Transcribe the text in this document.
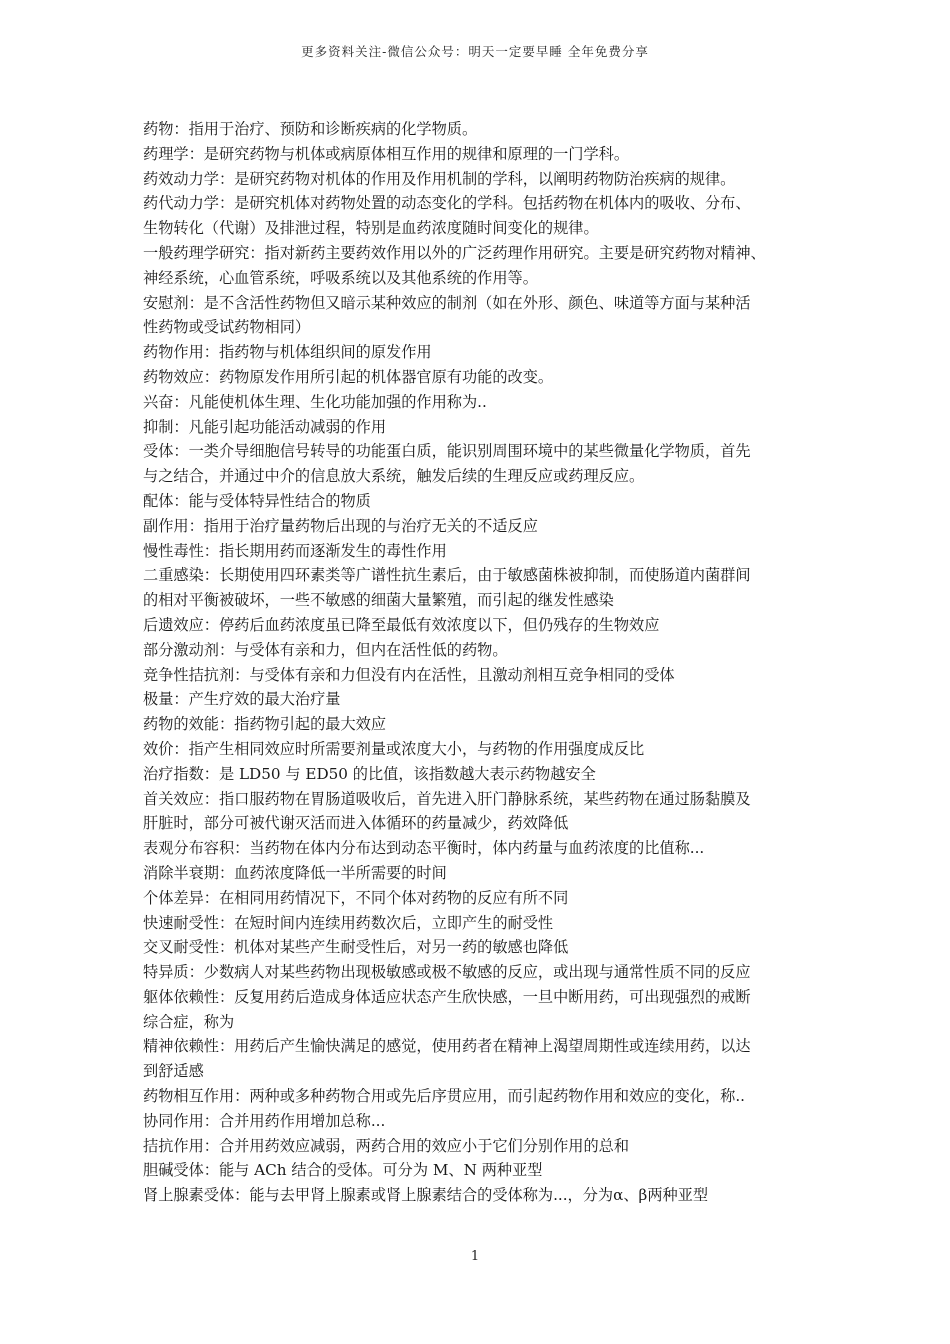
更多资料关注-微信公众号：明天一定要早睡 全年免费分享
药物：指用于治疗、预防和诊断疾病的化学物质。
药理学：是研究药物与机体或病原体相互作用的规律和原理的一门学科。
药效动力学：是研究药物对机体的作用及作用机制的学科，以阐明药物防治疾病的规律。
药代动力学：是研究机体对药物处置的动态变化的学科。包括药物在机体内的吸收、分布、
生物转化（代谢）及排泄过程，特别是血药浓度随时间变化的规律。
一般药理学研究：指对新药主要药效作用以外的广泛药理作用研究。主要是研究药物对精神、
神经系统，心血管系统，呼吸系统以及其他系统的作用等。
安慰剂：是不含活性药物但又暗示某种效应的制剂（如在外形、颜色、味道等方面与某种活
性药物或受试药物相同）
药物作用：指药物与机体组织间的原发作用
药物效应：药物原发作用所引起的机体器官原有功能的改变。
兴奋：凡能使机体生理、生化功能加强的作用称为..
抑制：凡能引起功能活动减弱的作用
受体：一类介导细胞信号转导的功能蛋白质，能识别周围环境中的某些微量化学物质，首先
与之结合，并通过中介的信息放大系统，触发后续的生理反应或药理反应。
配体：能与受体特异性结合的物质
副作用：指用于治疗量药物后出现的与治疗无关的不适反应
慢性毒性：指长期用药而逐渐发生的毒性作用
二重感染：长期使用四环素类等广谱性抗生素后，由于敏感菌株被抑制，而使肠道内菌群间
的相对平衡被破坏，一些不敏感的细菌大量繁殖，而引起的继发性感染
后遗效应：停药后血药浓度虽已降至最低有效浓度以下，但仍残存的生物效应
部分激动剂：与受体有亲和力，但内在活性低的药物。
竞争性拮抗剂：与受体有亲和力但没有内在活性，且激动剂相互竞争相同的受体
极量：产生疗效的最大治疗量
药物的效能：指药物引起的最大效应
效价：指产生相同效应时所需要剂量或浓度大小，与药物的作用强度成反比
治疗指数：是 LD50 与 ED50 的比值，该指数越大表示药物越安全
首关效应：指口服药物在胃肠道吸收后，首先进入肝门静脉系统，某些药物在通过肠黏膜及
肝脏时，部分可被代谢灭活而进入体循环的药量减少，药效降低
表观分布容积：当药物在体内分布达到动态平衡时，体内药量与血药浓度的比值称...
消除半衰期：血药浓度降低一半所需要的时间
个体差异：在相同用药情况下，不同个体对药物的反应有所不同
快速耐受性：在短时间内连续用药数次后，立即产生的耐受性
交叉耐受性：机体对某些产生耐受性后，对另一药的敏感也降低
特异质：少数病人对某些药物出现极敏感或极不敏感的反应，或出现与通常性质不同的反应
躯体依赖性：反复用药后造成身体适应状态产生欣快感，一旦中断用药，可出现强烈的戒断
综合症，称为
精神依赖性：用药后产生愉快满足的感觉，使用药者在精神上渴望周期性或连续用药，以达
到舒适感
药物相互作用：两种或多种药物合用或先后序贯应用，而引起药物作用和效应的变化，称..
协同作用：合并用药作用增加总称...
拮抗作用：合并用药效应减弱，两药合用的效应小于它们分别作用的总和
胆碱受体：能与 ACh 结合的受体。可分为 M、N 两种亚型
肾上腺素受体：能与去甲肾上腺素或肾上腺素结合的受体称为...，分为α、β两种亚型
1
